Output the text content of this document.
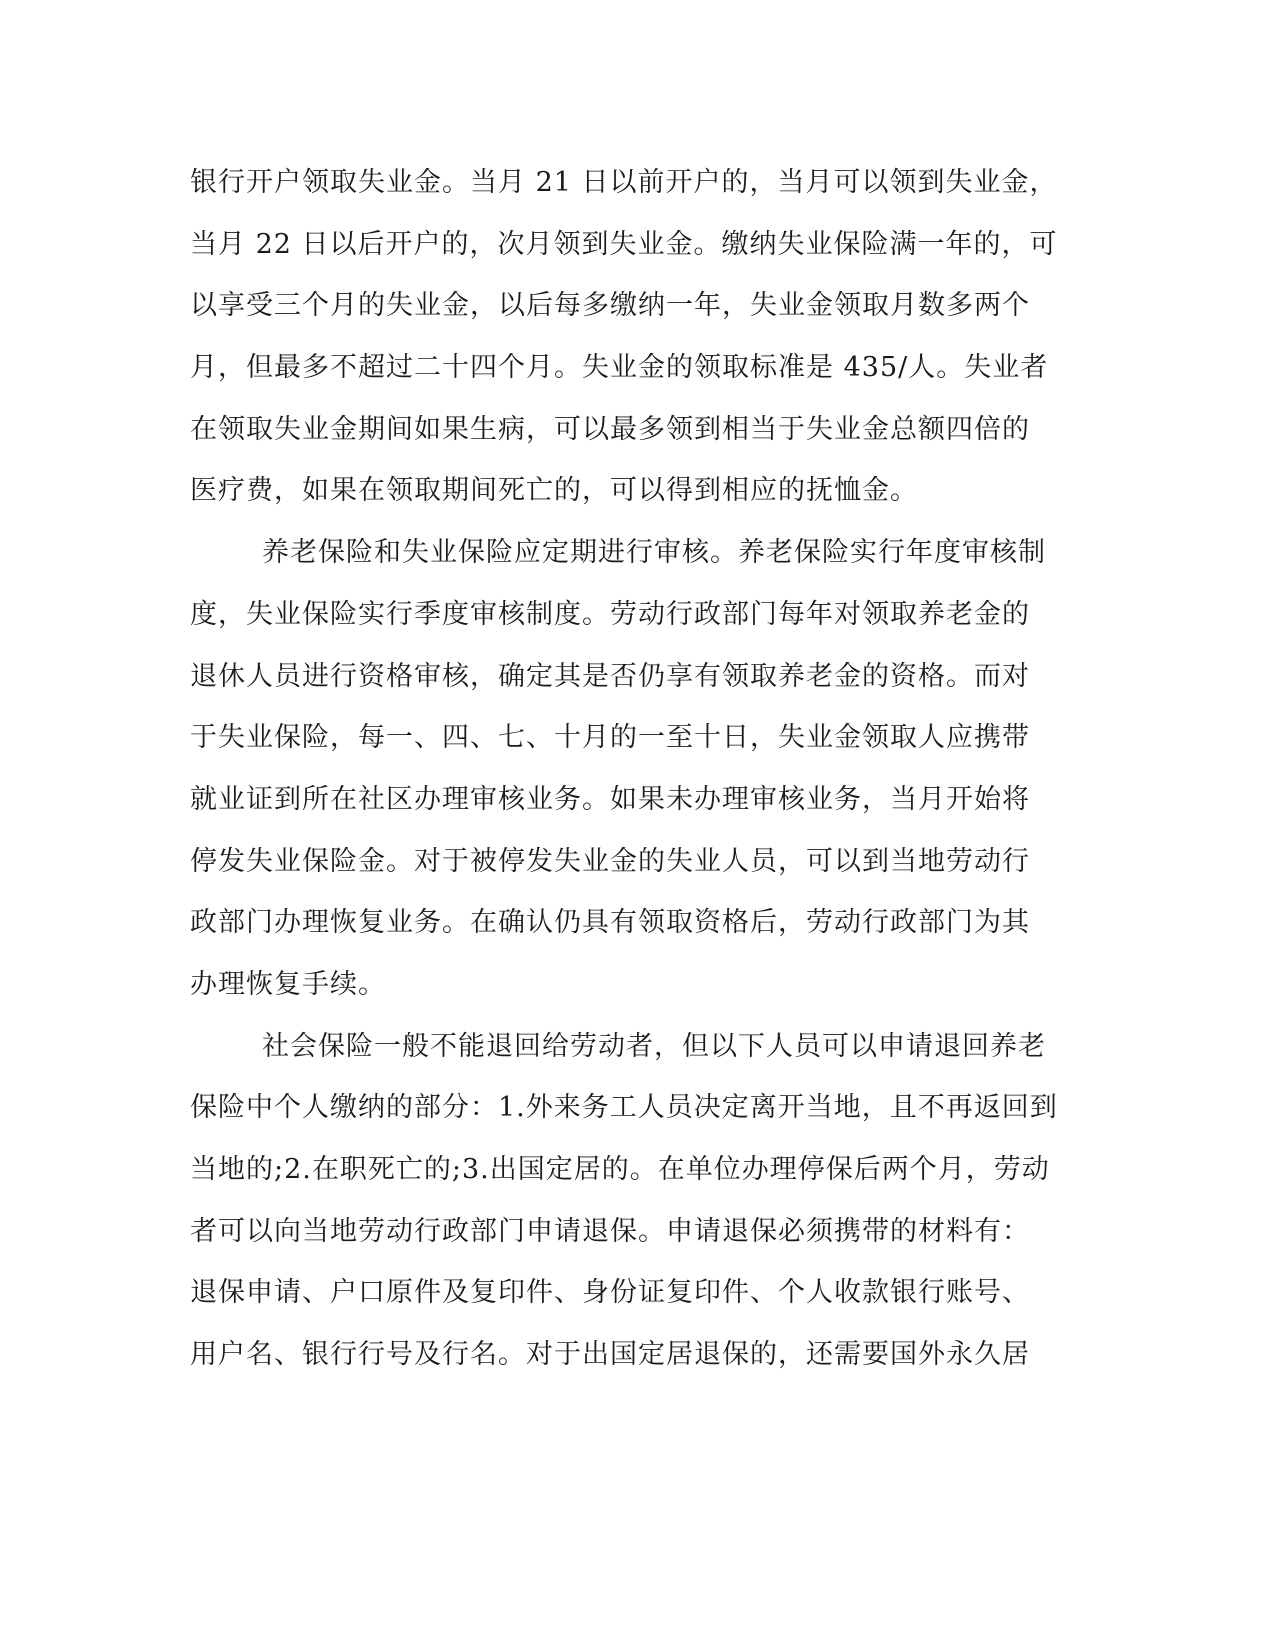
银行开户领取失业金。当月 21 日以前开户的，当月可以领到失业金，
当月 22 日以后开户的，次月领到失业金。缴纳失业保险满一年的，可
以享受三个月的失业金，以后每多缴纳一年，失业金领取月数多两个
月，但最多不超过二十四个月。失业金的领取标准是 435/人。失业者
在领取失业金期间如果生病，可以最多领到相当于失业金总额四倍的
医疗费，如果在领取期间死亡的，可以得到相应的抚恤金。
养老保险和失业保险应定期进行审核。养老保险实行年度审核制
度，失业保险实行季度审核制度。劳动行政部门每年对领取养老金的
退休人员进行资格审核，确定其是否仍享有领取养老金的资格。而对
于失业保险，每一、四、七、十月的一至十日，失业金领取人应携带
就业证到所在社区办理审核业务。如果未办理审核业务，当月开始将
停发失业保险金。对于被停发失业金的失业人员，可以到当地劳动行
政部门办理恢复业务。在确认仍具有领取资格后，劳动行政部门为其
办理恢复手续。
社会保险一般不能退回给劳动者，但以下人员可以申请退回养老
保险中个人缴纳的部分：1.外来务工人员决定离开当地，且不再返回到
当地的;2.在职死亡的;3.出国定居的。在单位办理停保后两个月，劳动
者可以向当地劳动行政部门申请退保。申请退保必须携带的材料有：
退保申请、户口原件及复印件、身份证复印件、个人收款银行账号、
用户名、银行行号及行名。对于出国定居退保的，还需要国外永久居
